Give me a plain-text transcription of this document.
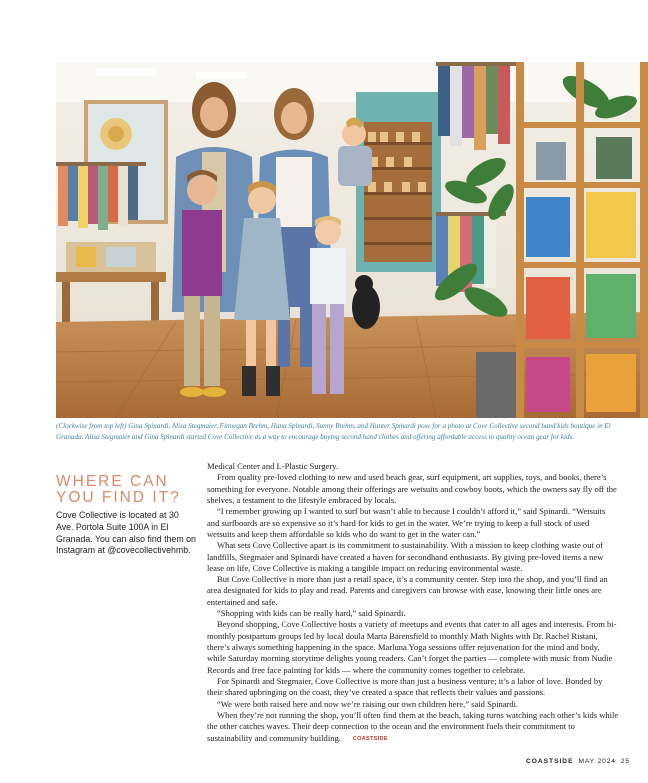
(Clockwise from top left) Gina Spinardi, Alisa Stegmaier, Finnegan Brehm, Hana Spinardi, Sunny Brehm, and Hunter Spinardi pose for a photo at Cove Collective second hand kids boutique in El Granada. Alisa Stegmaier and Gina Spinardi started Cove Collective as a way to encourage buying second hand clothes and offering affordable access to quality ocean gear for kids.

WHERE CAN
YOU FIND IT?

Cove Collective is located at 30 Ave. Portola Suite 100A in El Granada. You can also find them on Instagram at @covecollectivehmb.

Medical Center and L-Plastic Surgery.

From quality pre-loved clothing to new and used beach gear, surf equipment, art supplies, toys, and books, there’s something for everyone. Notable among their offerings are wetsuits and cowboy boots, which the owners say fly off the shelves, a testament to the lifestyle embraced by locals.

“I remember growing up I wanted to surf but wasn’t able to because I couldn’t afford it,” said Spinardi. “Wetsuits and surfboards are so expensive so it’s hard for kids to get in the water. We’re trying to keep a full stock of used wetsuits and keep them affordable so kids who do want to get in the water can.”

What sets Cove Collective apart is its commitment to sustainability. With a mission to keep clothing waste out of landfills, Stegmaier and Spinardi have created a haven for secondhand enthusiasts. By giving pre-loved items a new lease on life, Cove Collective is making a tangible impact on reducing environmental waste.

But Cove Collective is more than just a retail space, it’s a community center. Step into the shop, and you’ll find an area designated for kids to play and read. Parents and caregivers can browse with ease, knowing their little ones are entertained and safe.

“Shopping with kids can be really hard,” said Spinardi.

Beyond shopping, Cove Collective hosts a variety of meetups and events that cater to all ages and interests. From bi-monthly postpartum groups led by local doula Marta Barensfield to monthly Math Nights with Dr. Rachel Ristani, there’s always something happening in the space. Marluna Yoga sessions offer rejuvenation for the mind and body, while Saturday morning storytime delights young readers. Can’t forget the parties — complete with music from Nudie Records and free face painting for kids — where the community comes together to celebrate.

For Spinardi and Stegmaier, Cove Collective is more than just a business venture; it’s a labor of love. Bonded by their shared upbringing on the coast, they’ve created a space that reflects their values and passions.

“We were both raised here and now we’re raising our own children here,” said Spinardi.

When they’re not running the shop, you’ll often find them at the beach, taking turns watching each other’s kids while the other catches waves. Their deep connection to the ocean and the environment fuels their commitment to sustainability and community building. COASTSIDE

COASTSIDE MAY 2024 25
